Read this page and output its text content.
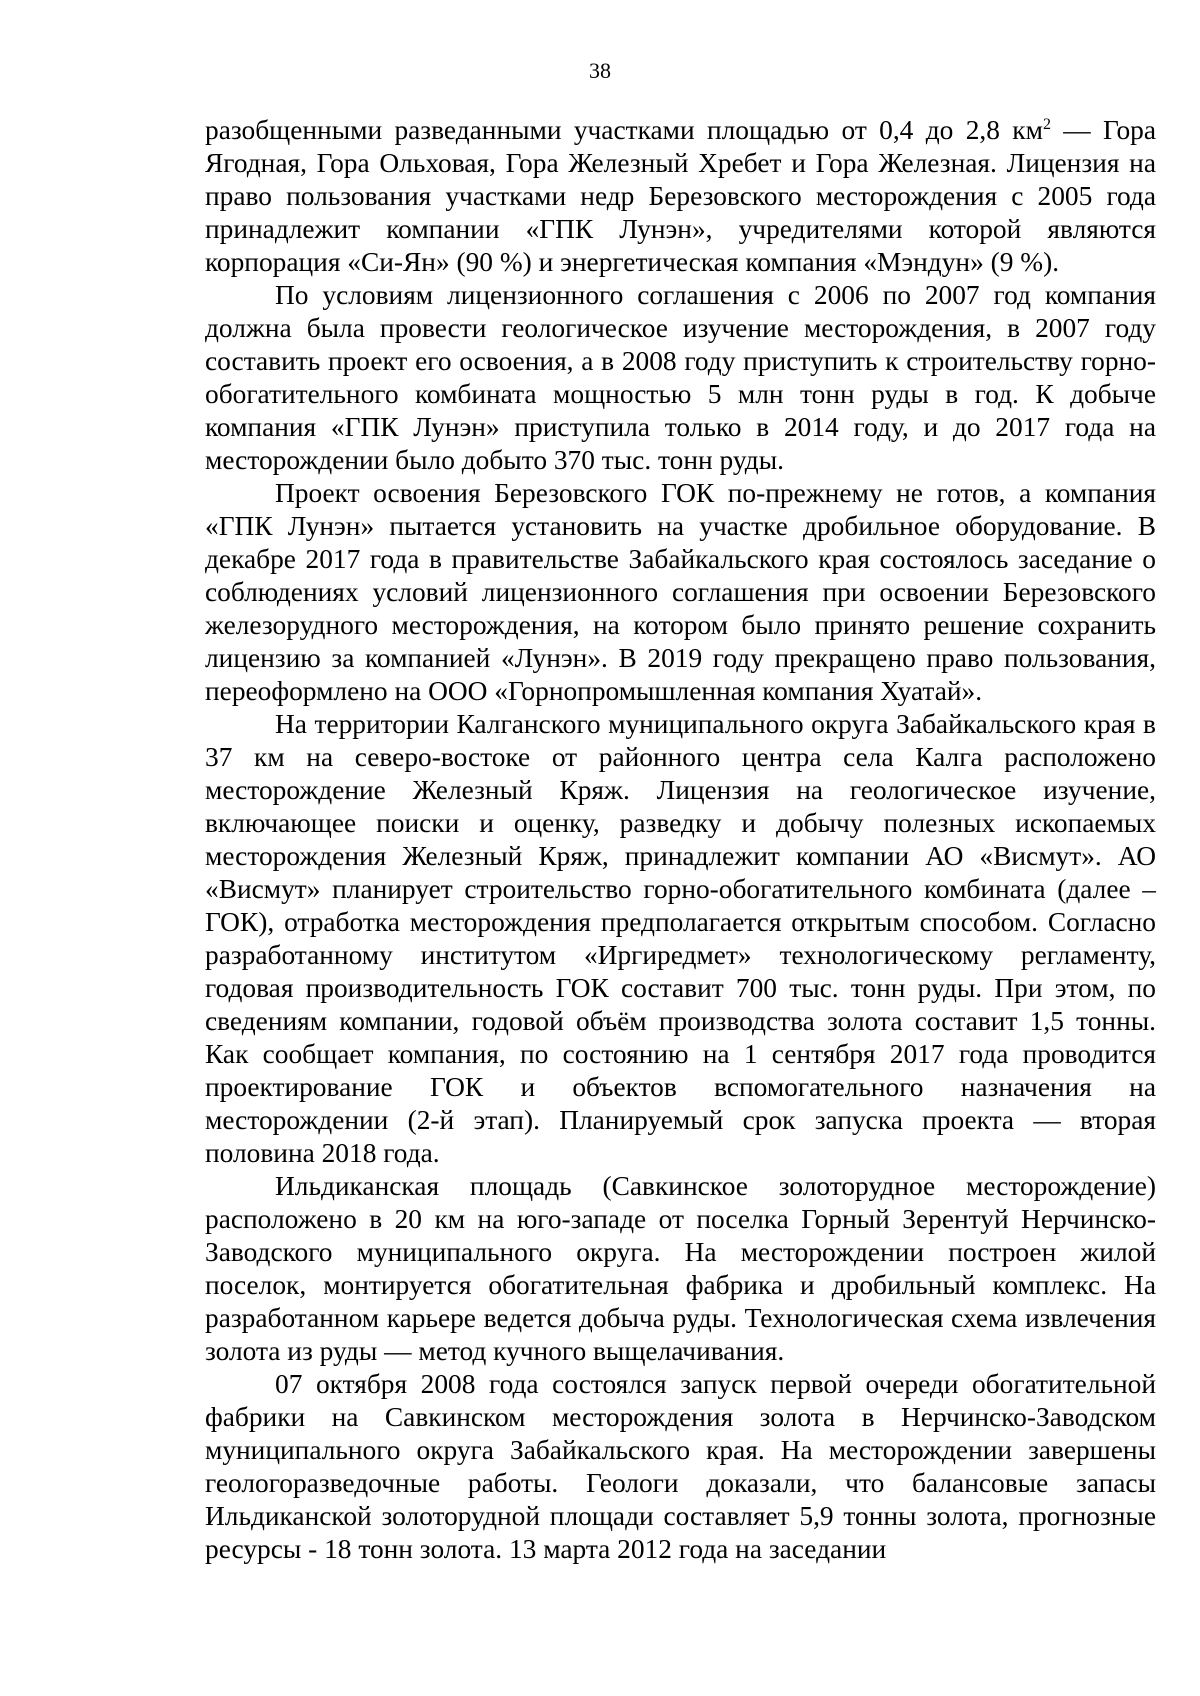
38

разобщенными разведанными участками площадью от 0,4 до 2,8 $км^2$ — Гора Ягодная, Гора Ольховая, Гора Железный Хребет и Гора Железная. Лицензия на право пользования участками недр Березовского месторождения с 2005 года принадлежит компании «ГПК Лунэн», учредителями которой являются корпорация «Си-Ян» (90 %) и энергетическая компания «Мэндун» (9 %).

По условиям лицензионного соглашения с 2006 по 2007 год компания должна была провести геологическое изучение месторождения, в 2007 году составить проект его освоения, а в 2008 году приступить к строительству горно-обогатительного комбината мощностью 5 млн тонн руды в год. К добыче компания «ГПК Лунэн» приступила только в 2014 году, и до 2017 года на месторождении было добыто 370 тыс. тонн руды.

Проект освоения Березовского ГОК по-прежнему не готов, а компания «ГПК Лунэн» пытается установить на участке дробильное оборудование. В декабре 2017 года в правительстве Забайкальского края состоялось заседание о соблюдениях условий лицензионного соглашения при освоении Березовского железорудного месторождения, на котором было принято решение сохранить лицензию за компанией «Лунэн». В 2019 году прекращено право пользования, переоформлено на ООО «Горнопромышленная компания Хуатай».

На территории Калганского муниципального округа Забайкальского края в 37 км на северо-востоке от районного центра села Калга расположено месторождение Железный Кряж. Лицензия на геологическое изучение, включающее поиски и оценку, разведку и добычу полезных ископаемых месторождения Железный Кряж, принадлежит компании АО «Висмут». АО «Висмут» планирует строительство горно-обогатительного комбината (далее – ГОК), отработка месторождения предполагается открытым способом. Согласно разработанному институтом «Иргиредмет» технологическому регламенту, годовая производительность ГОК составит 700 тыс. тонн руды. При этом, по сведениям компании, годовой объём производства золота составит 1,5 тонны. Как сообщает компания, по состоянию на 1 сентября 2017 года проводится проектирование ГОК и объектов вспомогательного назначения на месторождении (2-й этап). Планируемый срок запуска проекта — вторая половина 2018 года.

Ильдиканская площадь (Савкинское золоторудное месторождение) расположено в 20 км на юго-западе от поселка Горный Зерентуй Нерчинско-Заводского муниципального округа. На месторождении построен жилой поселок, монтируется обогатительная фабрика и дробильный комплекс. На разработанном карьере ведется добыча руды. Технологическая схема извлечения золота из руды — метод кучного выщелачивания.

07 октября 2008 года состоялся запуск первой очереди обогатительной фабрики на Савкинском месторождения золота в Нерчинско-Заводском муниципального округа Забайкальского края. На месторождении завершены геологоразведочные работы. Геологи доказали, что балансовые запасы Ильдиканской золоторудной площади составляет 5,9 тонны золота, прогнозные ресурсы - 18 тонн золота. 13 марта 2012 года на заседании
